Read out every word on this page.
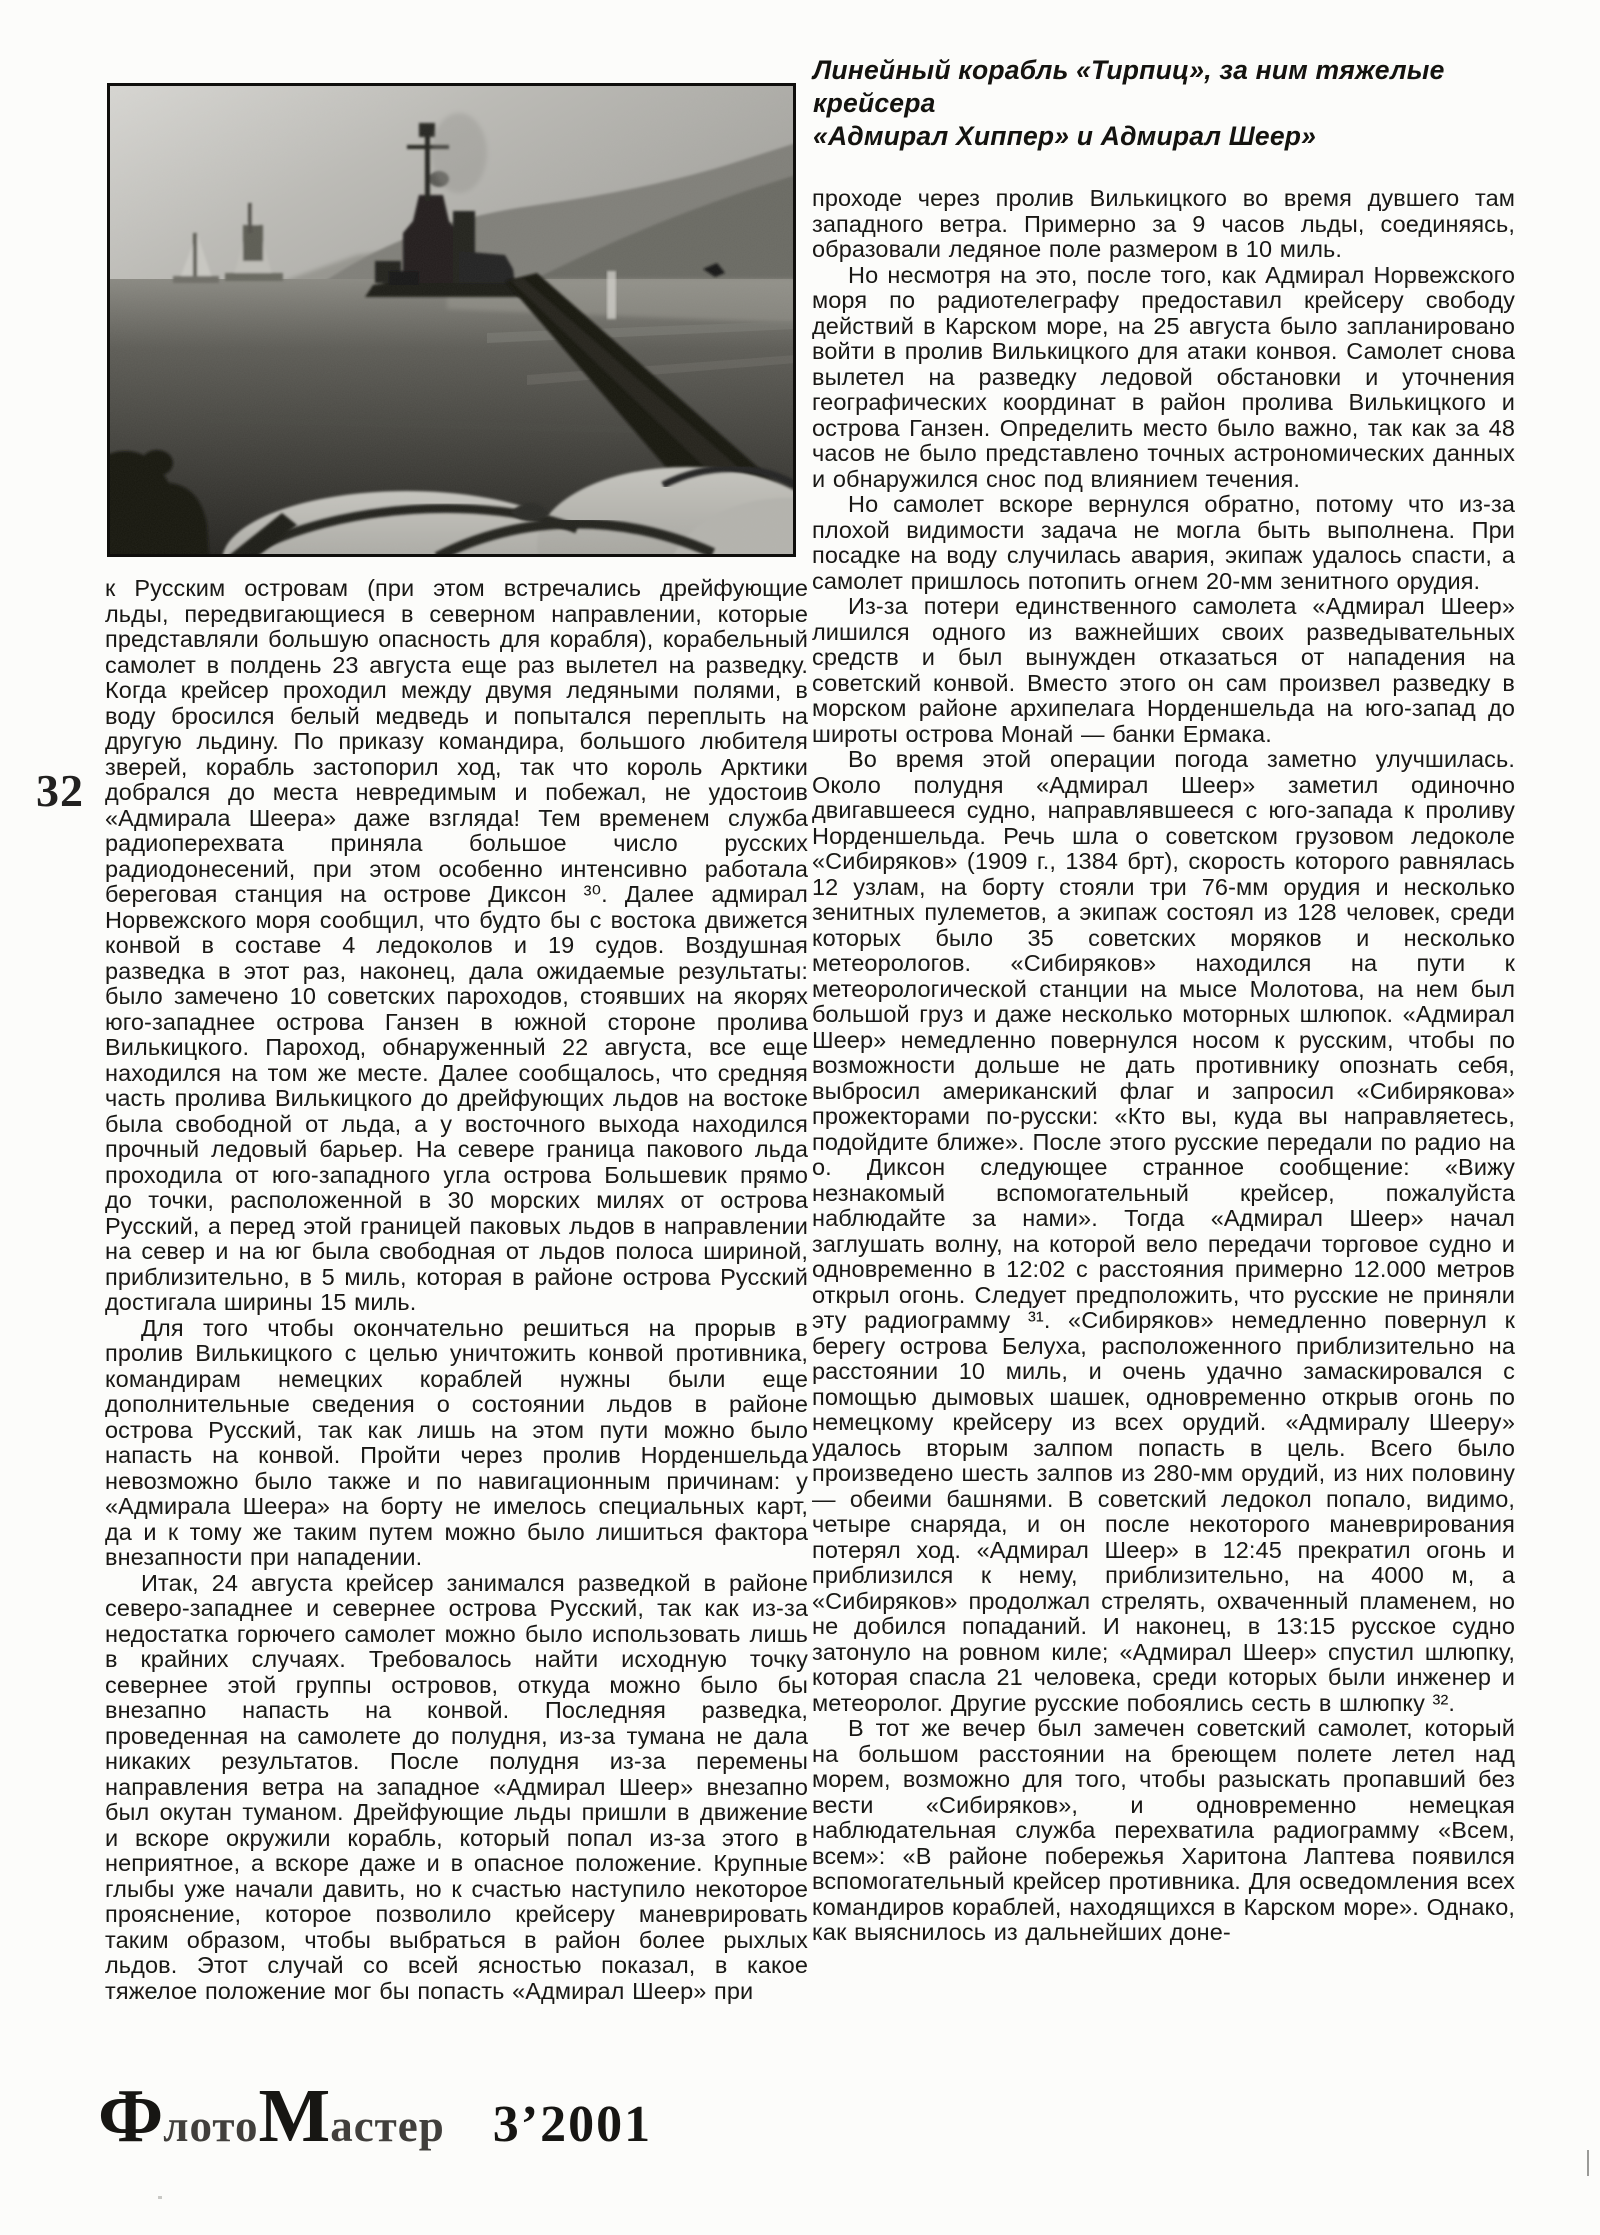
Линейный корабль «Тирпиц», за ним тяжелые крейсера
«Адмирал Хиппер» и Адмирал Шеер»

к Русским островам (при этом встречались дрейфующие льды, передвигающиеся в северном направлении, которые представляли большую опасность для корабля), корабельный самолет в полдень 23 августа еще раз вылетел на разведку. Когда крейсер проходил между двумя ледяными полями, в воду бросился белый медведь и попытался переплыть на другую льдину. По приказу командира, большого любителя зверей, корабль застопорил ход, так что король Арктики добрался до места невредимым и побежал, не удостоив «Адмирала Шеера» даже взгляда! Тем временем служба радиоперехвата приняла большое число русских радиодонесений, при этом особенно интенсивно работала береговая станция на острове Диксон ³⁰. Далее адмирал Норвежского моря сообщил, что будто бы с востока движется конвой в составе 4 ледоколов и 19 судов. Воздушная разведка в этот раз, наконец, дала ожидаемые результаты: было замечено 10 советских пароходов, стоявших на якорях юго-западнее острова Ганзен в южной стороне пролива Вилькицкого. Пароход, обнаруженный 22 августа, все еще находился на том же месте. Далее сообщалось, что средняя часть пролива Вилькицкого до дрейфующих льдов на востоке была свободной от льда, а у восточного выхода находился прочный ледовый барьер. На севере граница пакового льда проходила от юго-западного угла острова Большевик прямо до точки, расположенной в 30 морских милях от острова Русский, а перед этой границей паковых льдов в направлении на север и на юг была свободная от льдов полоса шириной, приблизительно, в 5 миль, которая в районе острова Русский достигала ширины 15 миль.

Для того чтобы окончательно решиться на прорыв в пролив Вилькицкого с целью уничтожить конвой противника, командирам немецких кораблей нужны были еще дополнительные сведения о состоянии льдов в районе острова Русский, так как лишь на этом пути можно было напасть на конвой. Пройти через пролив Норденшельда невозможно было также и по навигационным причинам: у «Адмирала Шеера» на борту не имелось специальных карт, да и к тому же таким путем можно было лишиться фактора внезапности при нападении.

Итак, 24 августа крейсер занимался разведкой в районе северо-западнее и севернее острова Русский, так как из-за недостатка горючего самолет можно было использовать лишь в крайних случаях. Требовалось найти исходную точку севернее этой группы островов, откуда можно было бы внезапно напасть на конвой. Последняя разведка, проведенная на самолете до полудня, из-за тумана не дала никаких результатов. После полудня из-за перемены направления ветра на западное «Адмирал Шеер» внезапно был окутан туманом. Дрейфующие льды пришли в движение и вскоре окружили корабль, который попал из-за этого в неприятное, а вскоре даже и в опасное положение. Крупные глыбы уже начали давить, но к счастью наступило некоторое прояснение, которое позволило крейсеру маневрировать таким образом, чтобы выбраться в район более рыхлых льдов. Этот случай со всей ясностью показал, в какое тяжелое положение мог бы попасть «Адмирал Шеер» при

проходе через пролив Вилькицкого во время дувшего там западного ветра. Примерно за 9 часов льды, соединяясь, образовали ледяное поле размером в 10 миль.

Но несмотря на это, после того, как Адмирал Норвежского моря по радиотелеграфу предоставил крейсеру свободу действий в Карском море, на 25 августа было запланировано войти в пролив Вилькицкого для атаки конвоя. Самолет снова вылетел на разведку ледовой обстановки и уточнения географических координат в район пролива Вилькицкого и острова Ганзен. Определить место было важно, так как за 48 часов не было представлено точных астрономических данных и обнаружился снос под влиянием течения.

Но самолет вскоре вернулся обратно, потому что из-за плохой видимости задача не могла быть выполнена. При посадке на воду случилась авария, экипаж удалось спасти, а самолет пришлось потопить огнем 20-мм зенитного орудия.

Из-за потери единственного самолета «Адмирал Шеер» лишился одного из важнейших своих разведывательных средств и был вынужден отказаться от нападения на советский конвой. Вместо этого он сам произвел разведку в морском районе архипелага Норденшельда на юго-запад до широты острова Монай — банки Ермака.

Во время этой операции погода заметно улучшилась. Около полудня «Адмирал Шеер» заметил одиночно двигавшееся судно, направлявшееся с юго-запада к проливу Норденшельда. Речь шла о советском грузовом ледоколе «Сибиряков» (1909 г., 1384 брт), скорость которого равнялась 12 узлам, на борту стояли три 76-мм орудия и несколько зенитных пулеметов, а экипаж состоял из 128 человек, среди которых было 35 советских моряков и несколько метеорологов. «Сибиряков» находился на пути к метеорологической станции на мысе Молотова, на нем был большой груз и даже несколько моторных шлюпок. «Адмирал Шеер» немедленно повернулся носом к русским, чтобы по возможности дольше не дать противнику опознать себя, выбросил американский флаг и запросил «Сибирякова» прожекторами по-русски: «Кто вы, куда вы направляетесь, подойдите ближе». После этого русские передали по радио на о. Диксон следующее странное сообщение: «Вижу незнакомый вспомогательный крейсер, пожалуйста наблюдайте за нами». Тогда «Адмирал Шеер» начал заглушать волну, на которой вело передачи торговое судно и одновременно в 12:02 с расстояния примерно 12.000 метров открыл огонь. Следует предположить, что русские не приняли эту радиограмму ³¹. «Сибиряков» немедленно повернул к берегу острова Белуха, расположенного приблизительно на расстоянии 10 миль, и очень удачно замаскировался с помощью дымовых шашек, одновременно открыв огонь по немецкому крейсеру из всех орудий. «Адмиралу Шееру» удалось вторым залпом попасть в цель. Всего было произведено шесть залпов из 280-мм орудий, из них половину — обеими башнями. В советский ледокол попало, видимо, четыре снаряда, и он после некоторого маневрирования потерял ход. «Адмирал Шеер» в 12:45 прекратил огонь и приблизился к нему, приблизительно, на 4000 м, а «Сибиряков» продолжал стрелять, охваченный пламенем, но не добился попаданий. И наконец, в 13:15 русское судно затонуло на ровном киле; «Адмирал Шеер» спустил шлюпку, которая спасла 21 человека, среди которых были инженер и метеоролог. Другие русские побоялись сесть в шлюпку ³².

В тот же вечер был замечен советский самолет, который на большом расстоянии на бреющем полете летел над морем, возможно для того, чтобы разыскать пропавший без вести «Сибиряков», и одновременно немецкая наблюдательная служба перехватила радиограмму «Всем, всем»: «В районе побережья Харитона Лаптева появился вспомогательный крейсер противника. Для осведомления всех командиров кораблей, находящихся в Карском море». Однако, как выяснилось из дальнейших доне-

32
Ф лото М астер 3’2001
